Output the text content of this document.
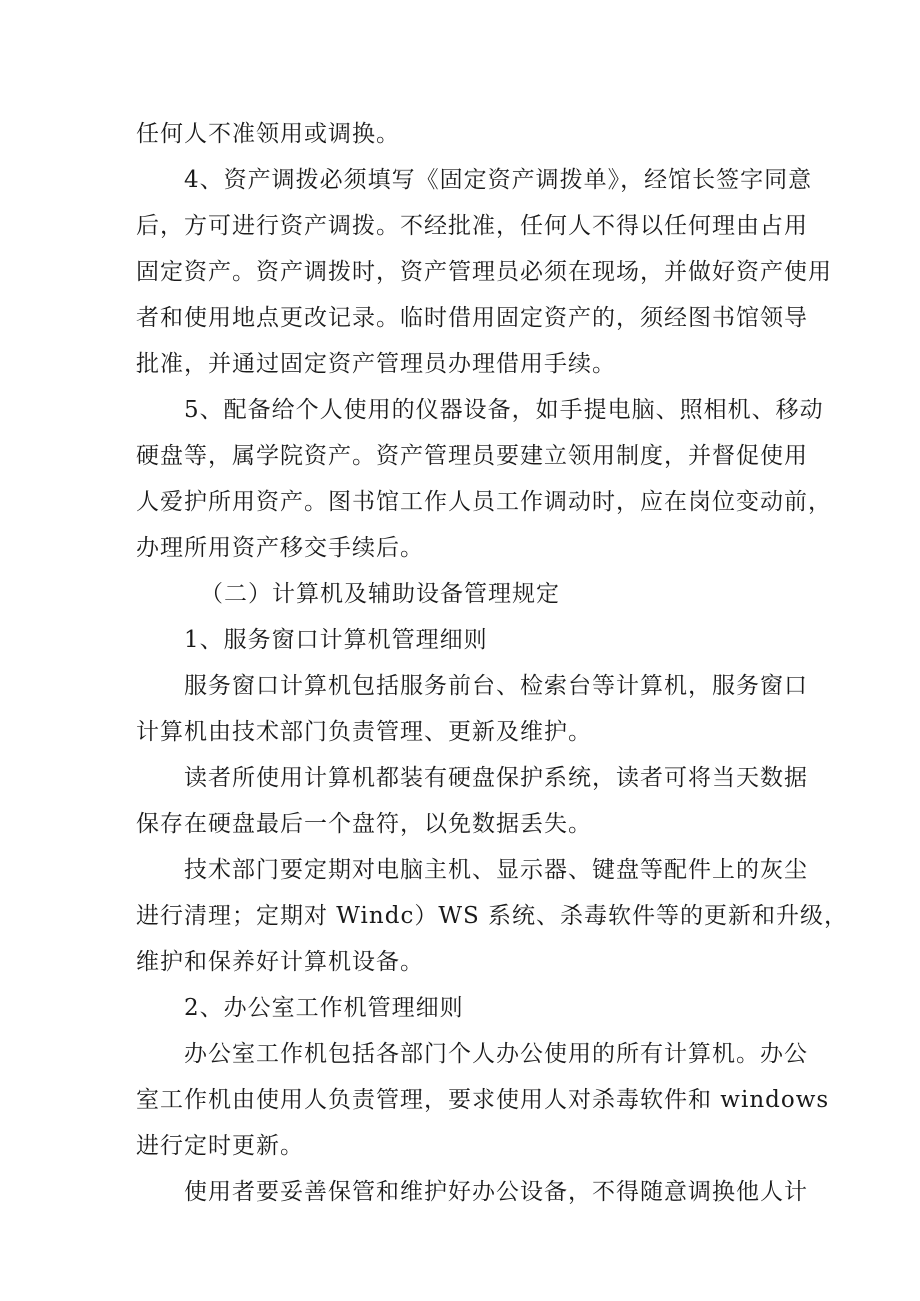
任何人不准领用或调换。
4、资产调拨必须填写《固定资产调拨单》，经馆长签字同意
后，方可进行资产调拨。不经批准，任何人不得以任何理由占用
固定资产。资产调拨时，资产管理员必须在现场，并做好资产使用
者和使用地点更改记录。临时借用固定资产的，须经图书馆领导
批准，并通过固定资产管理员办理借用手续。
5、配备给个人使用的仪器设备，如手提电脑、照相机、移动
硬盘等，属学院资产。资产管理员要建立领用制度，并督促使用
人爱护所用资产。图书馆工作人员工作调动时，应在岗位变动前，
办理所用资产移交手续后。
（二）计算机及辅助设备管理规定
1、服务窗口计算机管理细则
服务窗口计算机包括服务前台、检索台等计算机，服务窗口
计算机由技术部门负责管理、更新及维护。
读者所使用计算机都装有硬盘保护系统，读者可将当天数据
保存在硬盘最后一个盘符，以免数据丢失。
技术部门要定期对电脑主机、显示器、键盘等配件上的灰尘
进行清理；定期对 Windc）WS 系统、杀毒软件等的更新和升级，
维护和保养好计算机设备。
2、办公室工作机管理细则
办公室工作机包括各部门个人办公使用的所有计算机。办公
室工作机由使用人负责管理，要求使用人对杀毒软件和 windows
进行定时更新。
使用者要妥善保管和维护好办公设备，不得随意调换他人计
